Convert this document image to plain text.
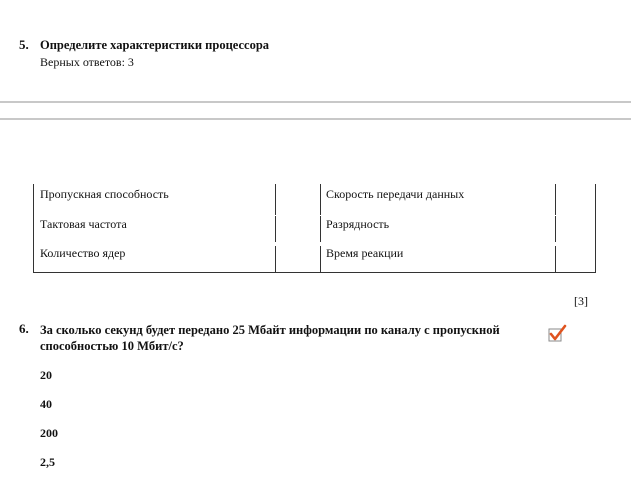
5. Определите характеристики процессора
Верных ответов: 3
Пропускная способность	Скорость передачи данных
Тактовая частота	Разрядность
Количество ядер	Время реакции
[3]
6. За сколько секунд будет передано 25 Мбайт информации по каналу с пропускной способностью 10 Мбит/с?
20
40
200
2,5
